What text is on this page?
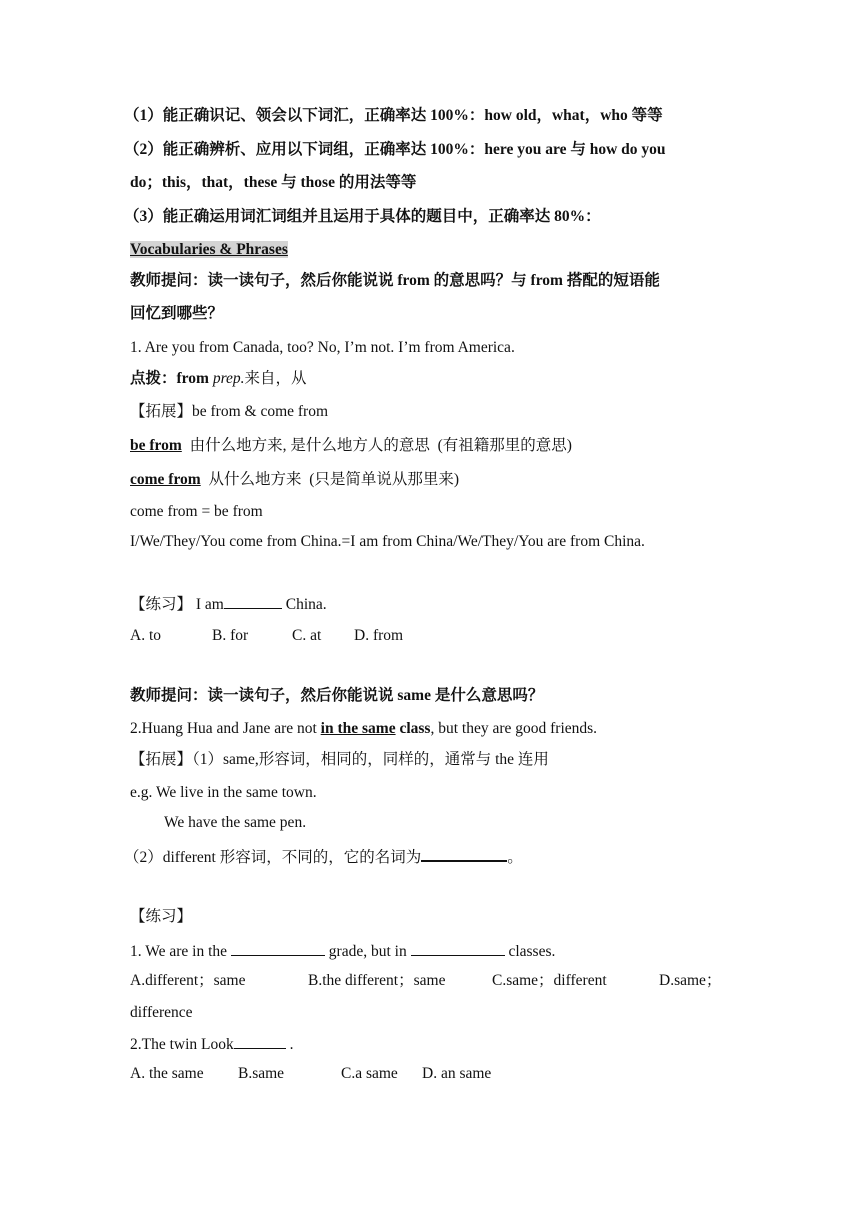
（1）能正确识记、领会以下词汇，正确率达 100%：how old，what，who 等等
（2）能正确辨析、应用以下词组，正确率达 100%：here you are 与 how do you
do；this，that，these 与 those 的用法等等
（3）能正确运用词汇词组并且运用于具体的题目中，正确率达 80%：
Vocabularies & Phrases
教师提问：读一读句子，然后你能说说 from 的意思吗？与 from 搭配的短语能
回忆到哪些？
1. Are you from Canada, too? No, I’m not. I’m from America.
点拨：from prep.来自，从
【拓展】be from & come from
be from  由什么地方来, 是什么地方人的意思  (有祖籍那里的意思)
come from  从什么地方来  (只是简单说从那里来)
come from = be from
I/We/They/You come from China.=I am from China/We/They/You are from China.
【练习】 I am	China.
A. to	B. for	C. at D. from
教师提问：读一读句子，然后你能说说 same 是什么意思吗？
2.Huang Hua and Jane are not in the same class, but they are good friends.
【拓展】（1）same,形容词，相同的，同样的，通常与 the 连用
e.g. We live in the same town.
We have the same pen.
（2）different 形容词，不同的，它的名词为	。
【练习】
1. We are in the	grade, but in	classes.
A.different；same	B.the different；same	C.same；different	D.same；
difference
2.The twin Look	.
A. the same B.same	C.a same D. an same
